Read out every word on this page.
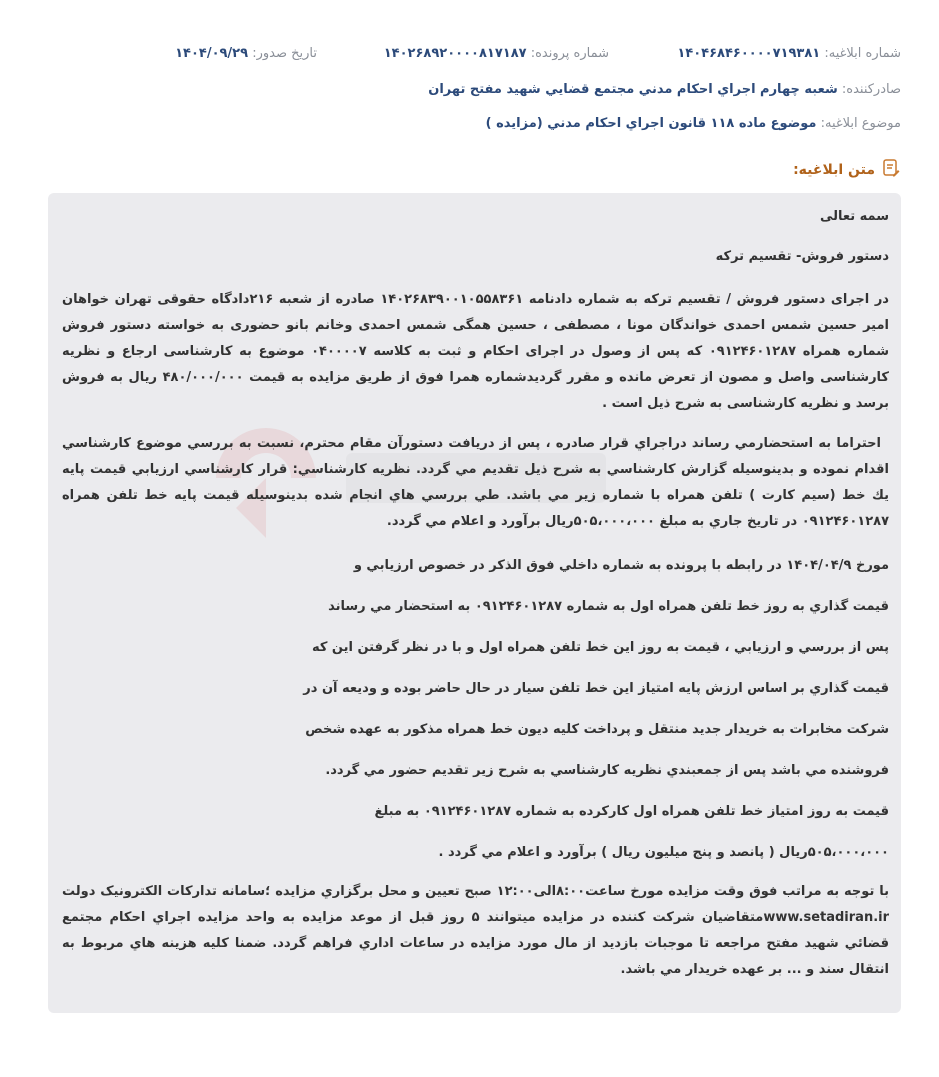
شماره ابلاغیه: ۱۴۰۴۶۸۴۶۰۰۰۰۷۱۹۳۸۱
شماره پرونده: ۱۴۰۲۶۸۹۲۰۰۰۰۸۱۷۱۸۷
تاریخ صدور: ۱۴۰۴/۰۹/۲۹
صادرکننده: شعبه چهارم اجراي احكام مدني مجتمع قضايي شهيد مفتح تهران
موضوع ابلاغیه: موضوع ماده ۱۱۸ قانون اجراي احكام مدني (مزايده )
متن ابلاغیه:

سمه تعالی

دستور فروش- تقسیم ترکه

در اجرای دستور فروش / تقسیم ترکه به شماره دادنامه ۱۴۰۲۶۸۳۹۰۰۱۰۵۵۸۳۶۱ صادره از شعبه ۲۱۶دادگاه حقوقی تهران خواهان امیر حسین شمس احمدی خواندگان مونا ، مصطفی ، حسین همگی شمس احمدی وخانم بانو حضوری به خواسته دستور فروش شماره همراه ۰۹۱۲۴۶۰۱۲۸۷ که پس از وصول در اجرای احکام و ثبت به کلاسه ۰۴۰۰۰۰۷ موضوع به کارشناسی ارجاع و نظریه کارشناسی واصل و مصون از تعرض مانده و مقرر گردیدشماره همرا فوق از طریق مزایده به قیمت ۴۸۰/۰۰۰/۰۰۰ ریال به فروش برسد و نظریه کارشناسی به شرح ذیل است .

احتراما به استحضارمي رساند دراجراي قرار صادره ، پس از دريافت دستورآن مقام محترم، نسبت به بررسي موضوع كارشناسي اقدام نموده و بدينوسيله گزارش كارشناسي به شرح ذيل تقديم مي گردد. نظريه كارشناسي: قرار كارشناسي ارزيابي قيمت پايه يك خط (سيم كارت ) تلفن همراه با شماره زير مي باشد. طي بررسي هاي انجام شده بدينوسيله قيمت پايه خط تلفن همراه ۰۹۱۲۴۶۰۱۲۸۷ در تاريخ جاري به مبلغ ۵۰۵،۰۰۰،۰۰۰ريال برآورد و اعلام مي گردد.

مورخ ۱۴۰۴/۰۴/۹ در رابطه با پرونده به شماره داخلي فوق الذكر در خصوص ارزيابي و

قيمت گذاري به روز خط تلفن همراه اول به شماره ۰۹۱۲۴۶۰۱۲۸۷ به استحضار مي رساند

پس از بررسي و ارزيابي ، قيمت به روز اين خط تلفن همراه اول و با در نظر گرفتن اين كه

قيمت گذاري بر اساس ارزش پايه امتياز اين خط تلفن سيار در حال حاضر بوده و وديعه آن در

شركت مخابرات به خريدار جديد منتقل و پرداخت كليه ديون خط همراه مذكور به عهده شخص

فروشنده مي باشد پس از جمعبندي نظريه كارشناسي به شرح زير تقديم حضور مي گردد.

قيمت به روز امتياز خط تلفن همراه اول كاركرده به شماره ۰۹۱۲۴۶۰۱۲۸۷ به مبلغ

۵۰۵،۰۰۰،۰۰۰ريال ( پانصد و پنج ميليون ريال ) برآورد و اعلام مي گردد .

با توجه به مراتب فوق وقت مزايده مورخ ساعت۸:۰۰الی۱۲:۰۰ صبح تعيين و محل برگزاري مزايده ؛سامانه تدارکات الکترونيک دولت www.setadiran.irمتقاضيان شركت كننده در مزايده ميتوانند ۵ روز قبل از موعد مزايده به واحد مزايده اجراي احكام مجتمع قضائي شهيد مفتح مراجعه تا موجبات بازديد از مال مورد مزايده در ساعات اداري فراهم گردد. ضمنا كليه هزينه هاي مربوط به انتقال سند و ... بر عهده خريدار مي باشد.
